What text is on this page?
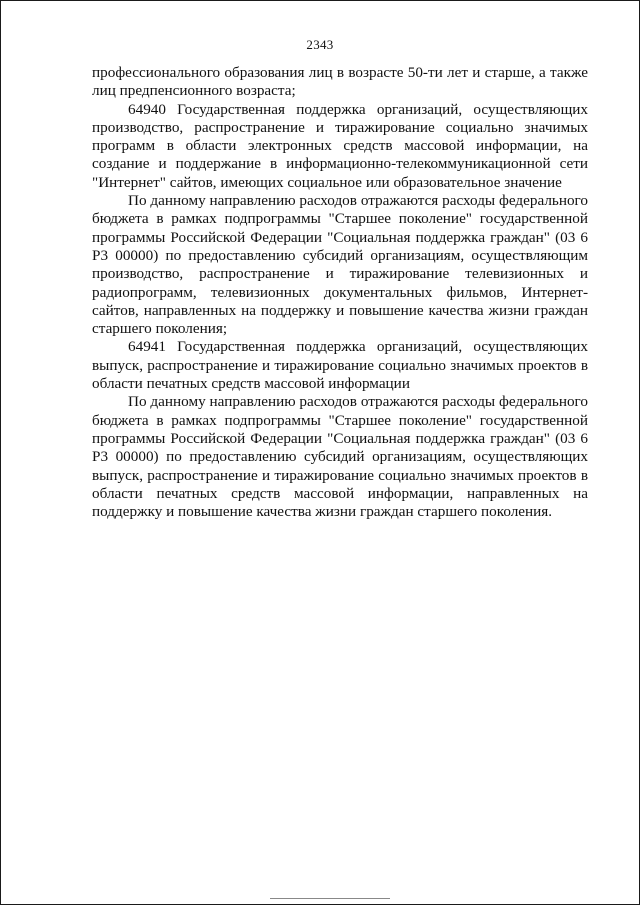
2343

профессионального образования лиц в возрасте 50-ти лет и старше, а также лиц предпенсионного возраста;

64940 Государственная поддержка организаций, осуществляющих производство, распространение и тиражирование социально значимых программ в области электронных средств массовой информации, на создание и поддержание в информационно-телекоммуникационной сети "Интернет" сайтов, имеющих социальное или образовательное значение

По данному направлению расходов отражаются расходы федерального бюджета в рамках подпрограммы "Старшее поколение" государственной программы Российской Федерации "Социальная поддержка граждан" (03 6 P3 00000) по предоставлению субсидий организациям, осуществляющим производство, распространение и тиражирование телевизионных и радиопрограмм, телевизионных документальных фильмов, Интернет-сайтов, направленных на поддержку и повышение качества жизни граждан старшего поколения;

64941 Государственная поддержка организаций, осуществляющих выпуск, распространение и тиражирование социально значимых проектов в области печатных средств массовой информации

По данному направлению расходов отражаются расходы федерального бюджета в рамках подпрограммы "Старшее поколение" государственной программы Российской Федерации "Социальная поддержка граждан" (03 6 P3 00000) по предоставлению субсидий организациям, осуществляющих выпуск, распространение и тиражирование социально значимых проектов в области печатных средств массовой информации, направленных на поддержку и повышение качества жизни граждан старшего поколения.
